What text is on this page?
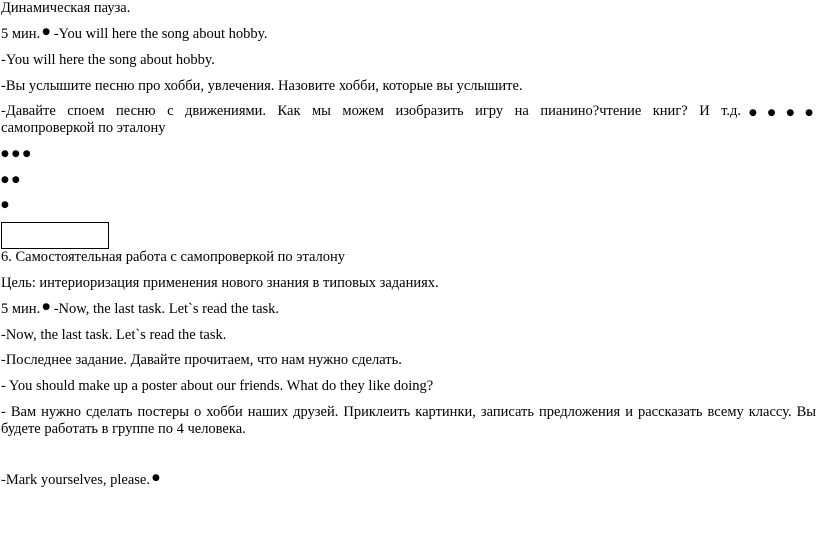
Динамическая пауза.

5 мин. ● -You will here the song about hobby.

-You will here the song about hobby.

-Вы услышите песню про хобби, увлечения. Назовите хобби, которые вы услышите.

-Давайте споем песню с движениями. Как мы можем изобразить игру на пианино?чтение книг? И т.д.●●●●

самопроверкой по эталону

●●●

●●

●

6. Самостоятельная работа с самопроверкой по эталону

Цель: интериоризация применения нового знания в типовых заданиях.

5 мин. ● -Now, the last task. Let`s read the task.

-Now, the last task. Let`s read the task.

-Последнее задание. Давайте прочитаем, что нам нужно сделать.

- You should make up a poster about our friends. What do they like doing?

- Вам нужно сделать постеры о хобби наших друзей. Приклеить картинки, записать предложения и рассказать всему классу. Вы будете работать в группе по 4 человека.

-Mark yourselves, please. ●
